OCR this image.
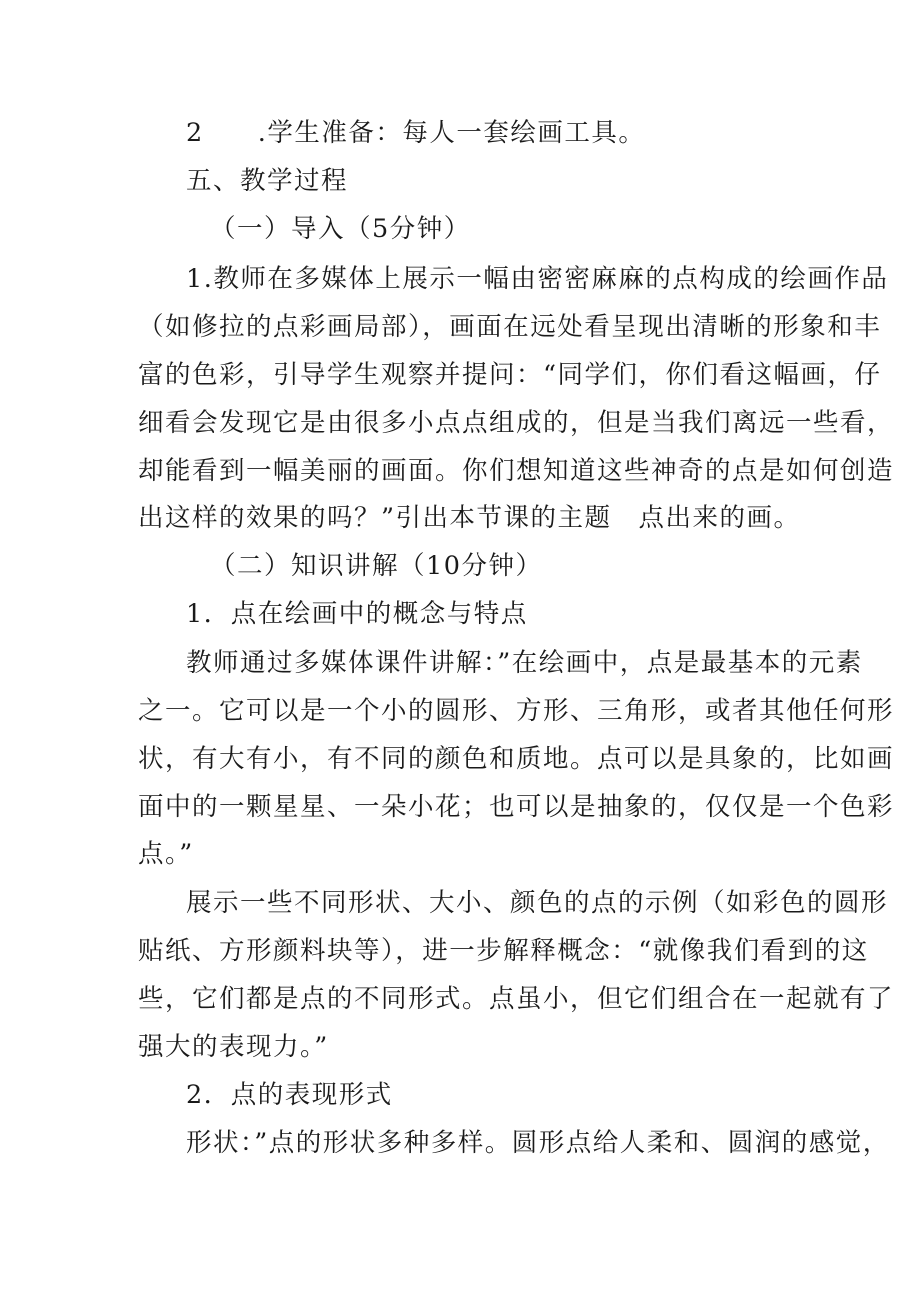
2　　.学生准备：每人一套绘画工具。
五、教学过程
（一）导入（5分钟）
1.教师在多媒体上展示一幅由密密麻麻的点构成的绘画作品
（如修拉的点彩画局部），画面在远处看呈现出清晰的形象和丰
富的色彩，引导学生观察并提问：“同学们，你们看这幅画，仔
细看会发现它是由很多小点点组成的，但是当我们离远一些看，
却能看到一幅美丽的画面。你们想知道这些神奇的点是如何创造
出这样的效果的吗？”引出本节课的主题　点出来的画。
（二）知识讲解（10分钟）
1．点在绘画中的概念与特点
教师通过多媒体课件讲解：”在绘画中，点是最基本的元素
之一。它可以是一个小的圆形、方形、三角形，或者其他任何形
状，有大有小，有不同的颜色和质地。点可以是具象的，比如画
面中的一颗星星、一朵小花；也可以是抽象的，仅仅是一个色彩
点。”
展示一些不同形状、大小、颜色的点的示例（如彩色的圆形
贴纸、方形颜料块等），进一步解释概念：“就像我们看到的这
些，它们都是点的不同形式。点虽小，但它们组合在一起就有了
强大的表现力。”
2．点的表现形式
形状：”点的形状多种多样。圆形点给人柔和、圆润的感觉，
